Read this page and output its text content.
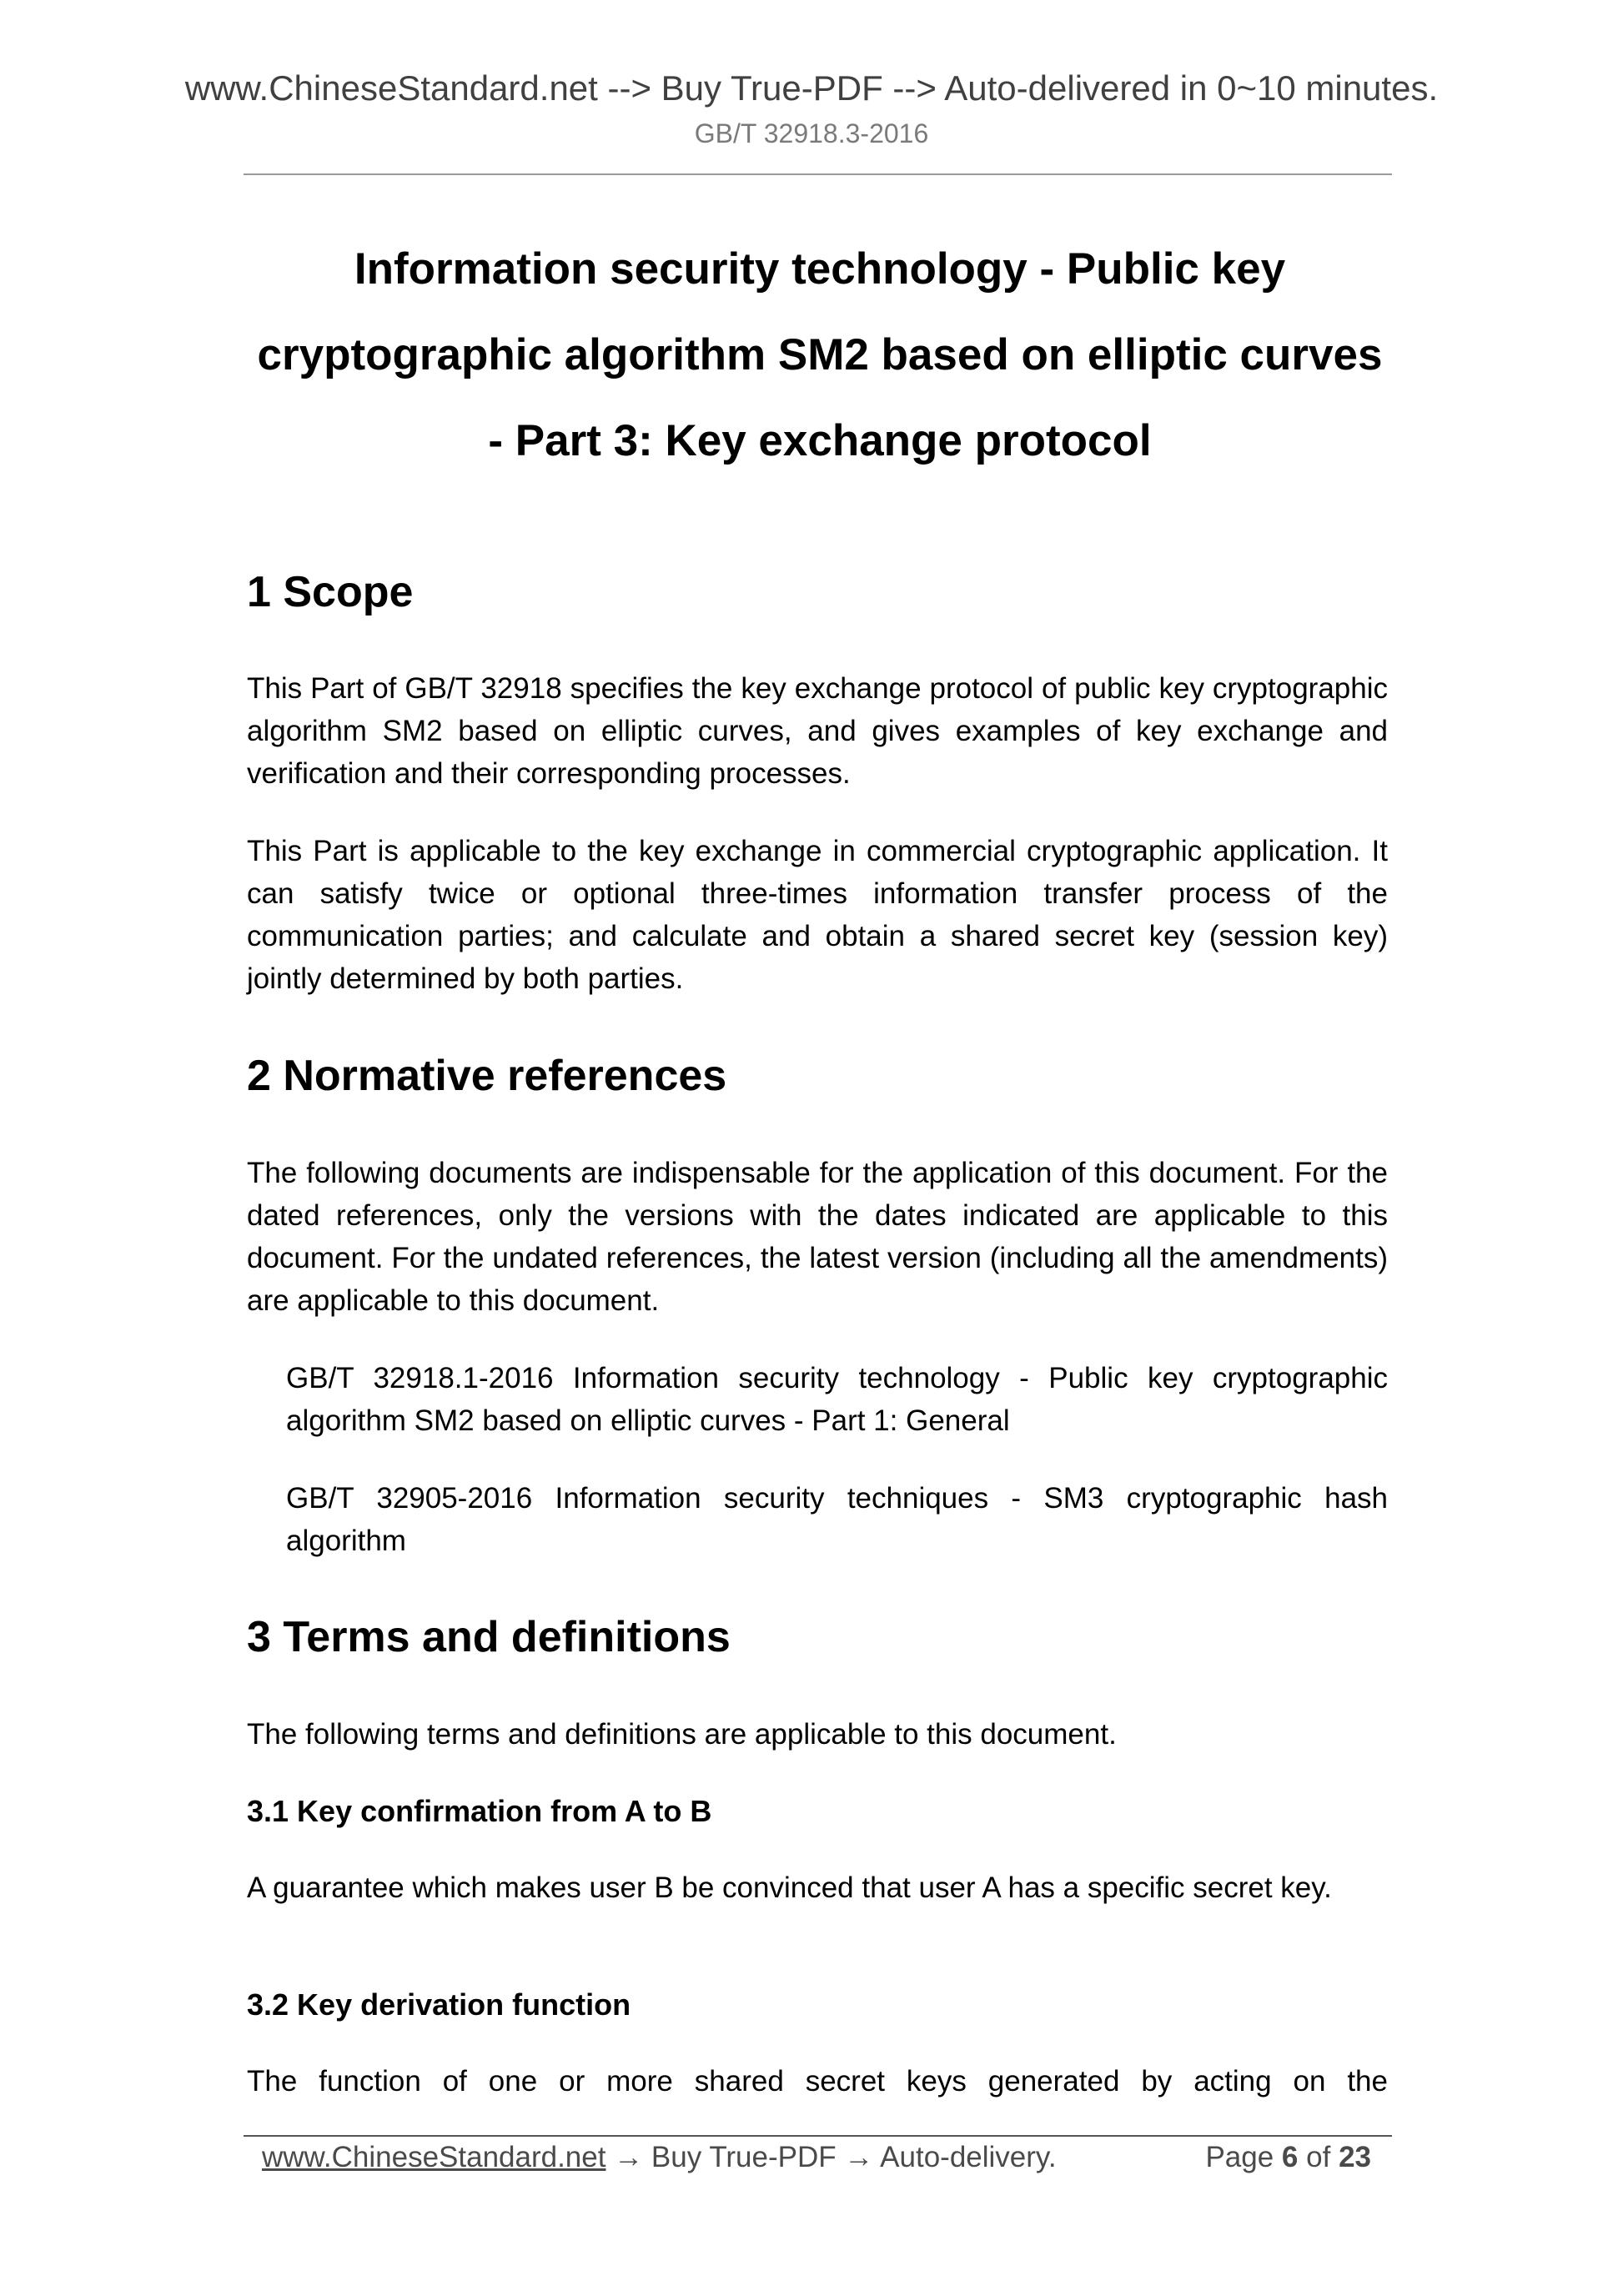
www.ChineseStandard.net --> Buy True-PDF --> Auto-delivered in 0~10 minutes.
GB/T 32918.3-2016
Information security technology - Public key
cryptographic algorithm SM2 based on elliptic curves
- Part 3: Key exchange protocol
1 Scope
This Part of GB/T 32918 specifies the key exchange protocol of public key cryptographic algorithm SM2 based on elliptic curves, and gives examples of key exchange and verification and their corresponding processes.
This Part is applicable to the key exchange in commercial cryptographic application. It can satisfy twice or optional three-times information transfer process of the communication parties; and calculate and obtain a shared secret key (session key) jointly determined by both parties.
2 Normative references
The following documents are indispensable for the application of this document. For the dated references, only the versions with the dates indicated are applicable to this document. For the undated references, the latest version (including all the amendments) are applicable to this document.
GB/T 32918.1-2016 Information security technology - Public key cryptographic algorithm SM2 based on elliptic curves - Part 1: General
GB/T 32905-2016 Information security techniques - SM3 cryptographic hash algorithm
3 Terms and definitions
The following terms and definitions are applicable to this document.
3.1 Key confirmation from A to B
A guarantee which makes user B be convinced that user A has a specific secret key.
3.2 Key derivation function
The function of one or more shared secret keys generated by acting on the
www.ChineseStandard.net → Buy True-PDF → Auto-delivery.	Page 6 of 23
